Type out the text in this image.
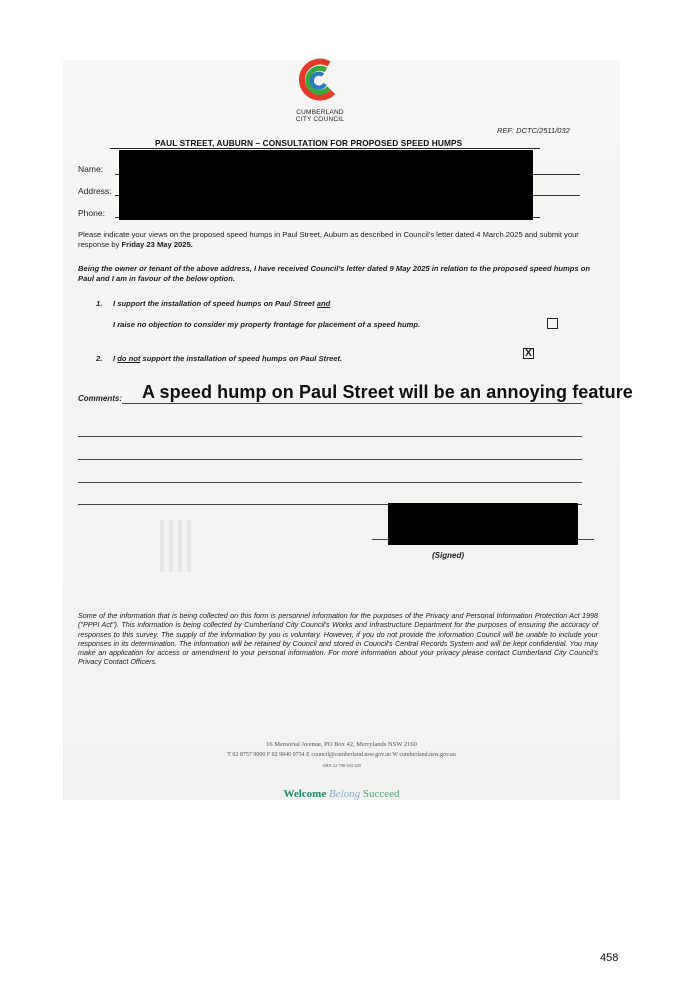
CUMBERLAND
CITY COUNCIL
REF: DCTC/2511/032
PAUL STREET, AUBURN – CONSULTATION FOR PROPOSED SPEED HUMPS
Name:
Address:
Phone:
Please indicate your views on the proposed speed humps in Paul Street, Auburn as described in Council's letter dated 4 March 2025 and submit your response by Friday 23 May 2025.
Being the owner or tenant of the above address, I have received Council's letter dated 9 May 2025 in relation to the proposed speed humps on Paul and I am in favour of the below option.
1. I support the installation of speed humps on Paul Street and
I raise no objection to consider my property frontage for placement of a speed hump.
2. I do not support the installation of speed humps on Paul Street.	X
Comments: A speed hump on Paul Street will be an annoying feature
(Signed)
Some of the information that is being collected on this form is personnel information for the purposes of the Privacy and Personal Information Protection Act 1998 ("PPPI Act"). This information is being collected by Cumberland City Council's Works and Infrastructure Department for the purposes of ensuring the accuracy of responses to this survey. The supply of the information by you is voluntary. However, if you do not provide the information Council will be unable to include your responses in its determination. The information will be retained by Council and stored in Council's Central Records System and will be kept confidential. You may make an application for access or amendment to your personal information. For more information about your privacy please contact Cumberland City Council's Privacy Contact Officers.
16 Memorial Avenue, PO Box 42, Merrylands NSW 2160
T 02 8757 9000 F 02 9840 9734 E council@cumberland.nsw.gov.au W cumberland.nsw.gov.au
ABN 22 798 563 329
Welcome Belong Succeed
458
